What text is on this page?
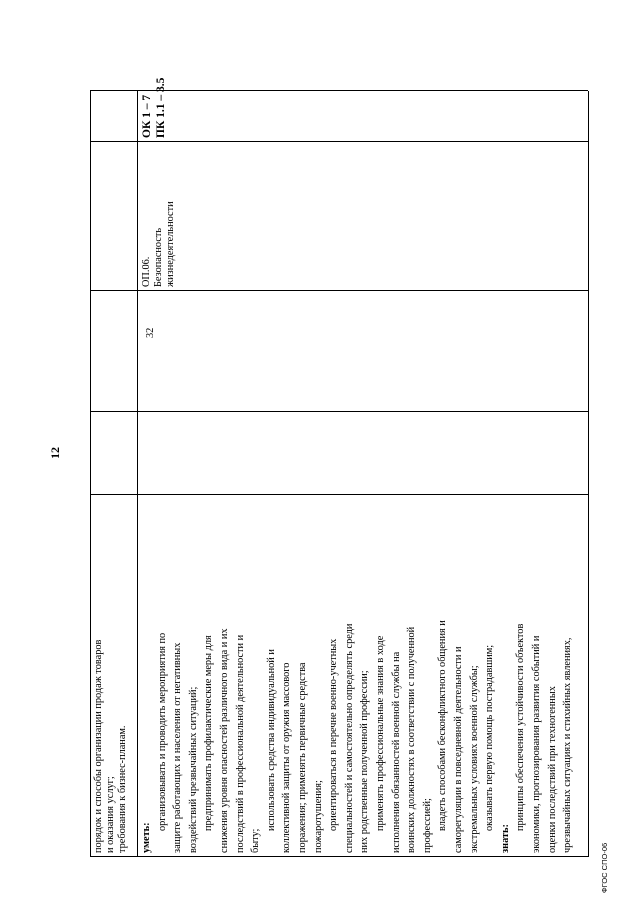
порядок и способы организации продаж товаров и оказания услуг; требования к бизнес-планам. уметь:
организовывать и проводить мероприятия по защите работающих и населения от негативных воздействий чрезвычайных ситуаций; предпринимать профилактические меры для снижения уровня опасностей различного вида и их последствий в профессиональной деятельности и быту;
использовать средства индивидуальной и коллективной защиты от оружия массового поражения; применять первичные средства пожаротушения; ориентироваться в перечне военно-учетных специальностей и самостоятельно определять среди них родственные полученной профессии; применять профессиональные знания в ходе исполнения обязанностей военной службы на воинских должностях в соответствии с полученной профессией; владеть способами бесконфликтного общения и саморегуляции в повседневной деятельности и экстремальных условиях военной службы; оказывать первую помощь пострадавшим;
знать:
принципы обеспечения устойчивости объектов экономики, прогнозирования развития событий и оценки последствий при техногенных чрезвычайных ситуациях и стихийных явлениях,
32
ОП.06. Безопасность жизнедеятельности
ОК 1 – 7 ПК 1.1 – 3.5
12
ФГОС СПО-06
